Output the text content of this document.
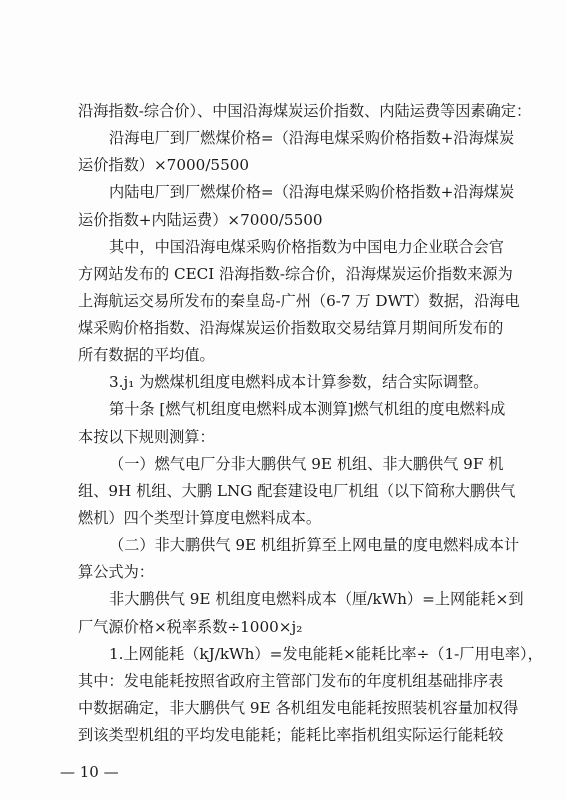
沿海指数-综合价）、中国沿海煤炭运价指数、内陆运费等因素确定：
沿海电厂到厂燃煤价格=（沿海电煤采购价格指数+沿海煤炭
运价指数）×7000/5500
内陆电厂到厂燃煤价格=（沿海电煤采购价格指数+沿海煤炭
运价指数+内陆运费）×7000/5500
其中，中国沿海电煤采购价格指数为中国电力企业联合会官
方网站发布的 CECI 沿海指数-综合价，沿海煤炭运价指数来源为
上海航运交易所发布的秦皇岛-广州（6-7 万 DWT）数据，沿海电
煤采购价格指数、沿海煤炭运价指数取交易结算月期间所发布的
所有数据的平均值。
3.j₁ 为燃煤机组度电燃料成本计算参数，结合实际调整。
第十条 [燃气机组度电燃料成本测算]燃气机组的度电燃料成
本按以下规则测算：
（一）燃气电厂分非大鹏供气 9E 机组、非大鹏供气 9F 机
组、9H 机组、大鹏 LNG 配套建设电厂机组（以下简称大鹏供气
燃机）四个类型计算度电燃料成本。
（二）非大鹏供气 9E 机组折算至上网电量的度电燃料成本计
算公式为：
非大鹏供气 9E 机组度电燃料成本（厘/kWh）=上网能耗×到
厂气源价格×税率系数÷1000×j₂
1.上网能耗（kJ/kWh）=发电能耗×能耗比率÷（1-厂用电率），
其中：发电能耗按照省政府主管部门发布的年度机组基础排序表
中数据确定，非大鹏供气 9E 各机组发电能耗按照装机容量加权得
到该类型机组的平均发电能耗；能耗比率指机组实际运行能耗较
— 10 —
